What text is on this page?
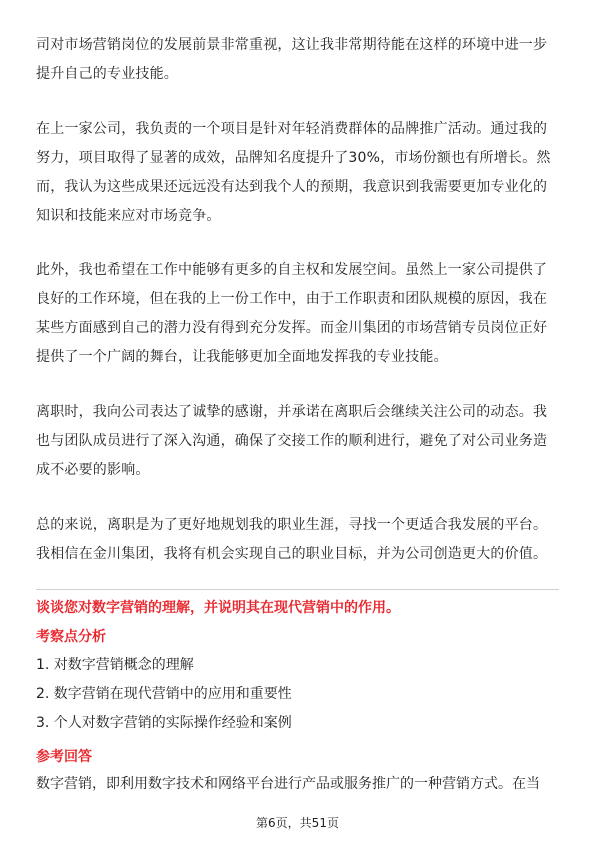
司对市场营销岗位的发展前景非常重视，这让我非常期待能在这样的环境中进一步
提升自己的专业技能。
在上一家公司，我负责的一个项目是针对年轻消费群体的品牌推广活动。通过我的
努力，项目取得了显著的成效，品牌知名度提升了30%，市场份额也有所增长。然
而，我认为这些成果还远远没有达到我个人的预期，我意识到我需要更加专业化的
知识和技能来应对市场竞争。
此外，我也希望在工作中能够有更多的自主权和发展空间。虽然上一家公司提供了
良好的工作环境，但在我的上一份工作中，由于工作职责和团队规模的原因，我在
某些方面感到自己的潜力没有得到充分发挥。而金川集团的市场营销专员岗位正好
提供了一个广阔的舞台，让我能够更加全面地发挥我的专业技能。
离职时，我向公司表达了诚挚的感谢，并承诺在离职后会继续关注公司的动态。我
也与团队成员进行了深入沟通，确保了交接工作的顺利进行，避免了对公司业务造
成不必要的影响。
总的来说，离职是为了更好地规划我的职业生涯，寻找一个更适合我发展的平台。
我相信在金川集团，我将有机会实现自己的职业目标，并为公司创造更大的价值。
谈谈您对数字营销的理解，并说明其在现代营销中的作用。
考察点分析
1. 对数字营销概念的理解
2. 数字营销在现代营销中的应用和重要性
3. 个人对数字营销的实际操作经验和案例
参考回答
数字营销，即利用数字技术和网络平台进行产品或服务推广的一种营销方式。在当
第6页，共51页
